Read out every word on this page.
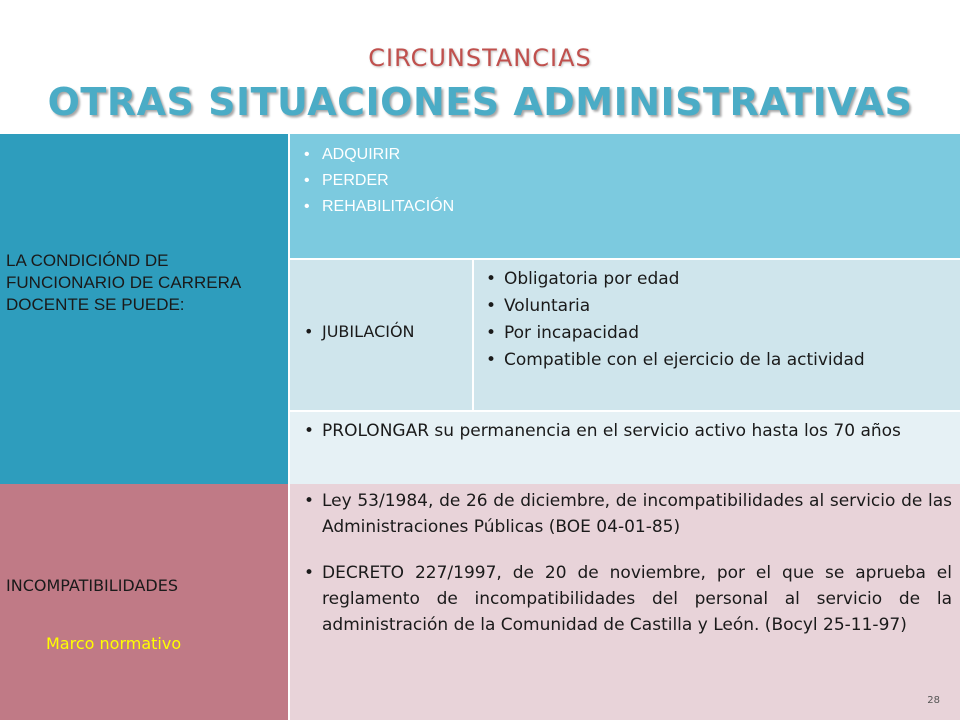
CIRCUNSTANCIAS
OTRAS SITUACIONES ADMINISTRATIVAS
LA CONDICIÓND DE FUNCIONARIO DE CARRERA DOCENTE SE PUEDE:
• ADQUIRIR
• PERDER
• REHABILITACIÓN
• JUBILACIÓN
• Obligatoria por edad
• Voluntaria
• Por incapacidad
• Compatible con el ejercicio de la actividad
• PROLONGAR su permanencia en el servicio activo hasta los 70 años
INCOMPATIBILIDADES
Marco normativo
• Ley 53/1984, de 26 de diciembre, de incompatibilidades al servicio de las Administraciones Públicas (BOE 04-01-85)
• DECRETO 227/1997, de 20 de noviembre, por el que se aprueba el reglamento de incompatibilidades del personal al servicio de la administración de la Comunidad de Castilla y León. (Bocyl 25-11-97)
28
